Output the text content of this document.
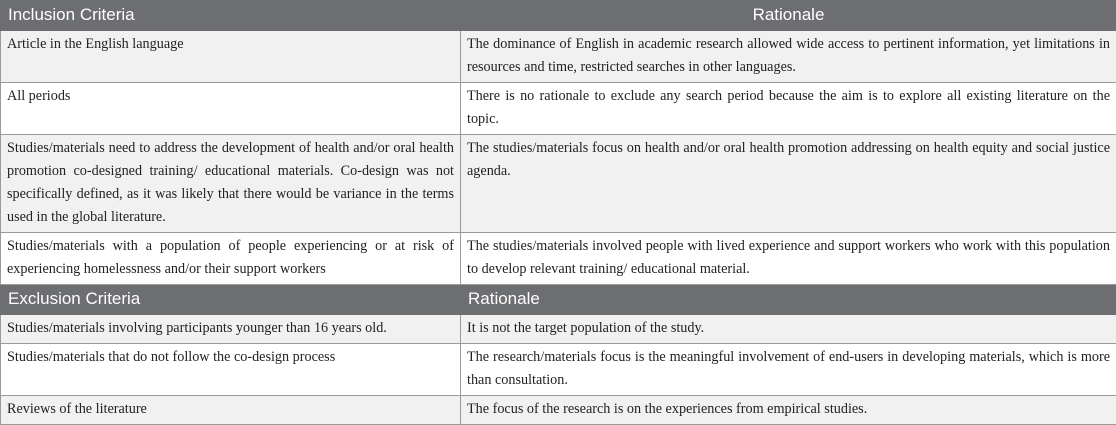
Inclusion Criteria	Rationale
Article in the English language	The dominance of English in academic research allowed wide access to pertinent information, yet limitations in resources and time, restricted searches in other languages.
All periods	There is no rationale to exclude any search period because the aim is to explore all existing literature on the topic.
Studies/materials need to address the development of health and/or oral health promotion co-designed training/ educational materials. Co-design was not specifically defined, as it was likely that there would be variance in the terms used in the global literature.	The studies/materials focus on health and/or oral health promotion addressing on health equity and social justice agenda.
Studies/materials with a population of people experiencing or at risk of experiencing homelessness and/or their support workers	The studies/materials involved people with lived experience and support workers who work with this population to develop relevant training/ educational material.
Exclusion Criteria	Rationale
Studies/materials involving participants younger than 16 years old.	It is not the target population of the study.
Studies/materials that do not follow the co-design process	The research/materials focus is the meaningful involvement of end-users in developing materials, which is more than consultation.
Reviews of the literature	The focus of the research is on the experiences from empirical studies.
